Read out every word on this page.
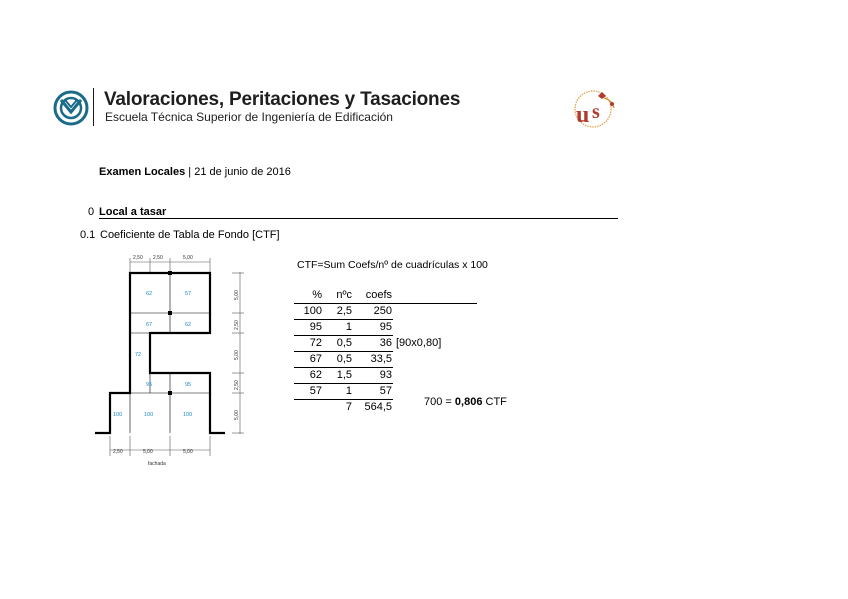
Valoraciones, Peritaciones y Tasaciones
Escuela Técnica Superior de Ingeniería de Edificación	u s
Examen Locales | 21 de junio de 2016
0 Local a tasar
0.1 Coeficiente de Tabla de Fondo [CTF]
2,50 2,50	5,00
2,50	5,00	5,00
fachada
5,00
2,50
5,00
2,50
5,00
62	57
67	62
72
95	95
100	100	100
CTF=Sum Coefs/nº de cuadrículas x 100
%	nºc	coefs	
100	2,5	250	
95	1	95	
72	0,5	36	[90x0,80]
67	0,5	33,5	
62	1,5	93	
57	1	57	
	7	564,5		700 = 0,806 CTF
